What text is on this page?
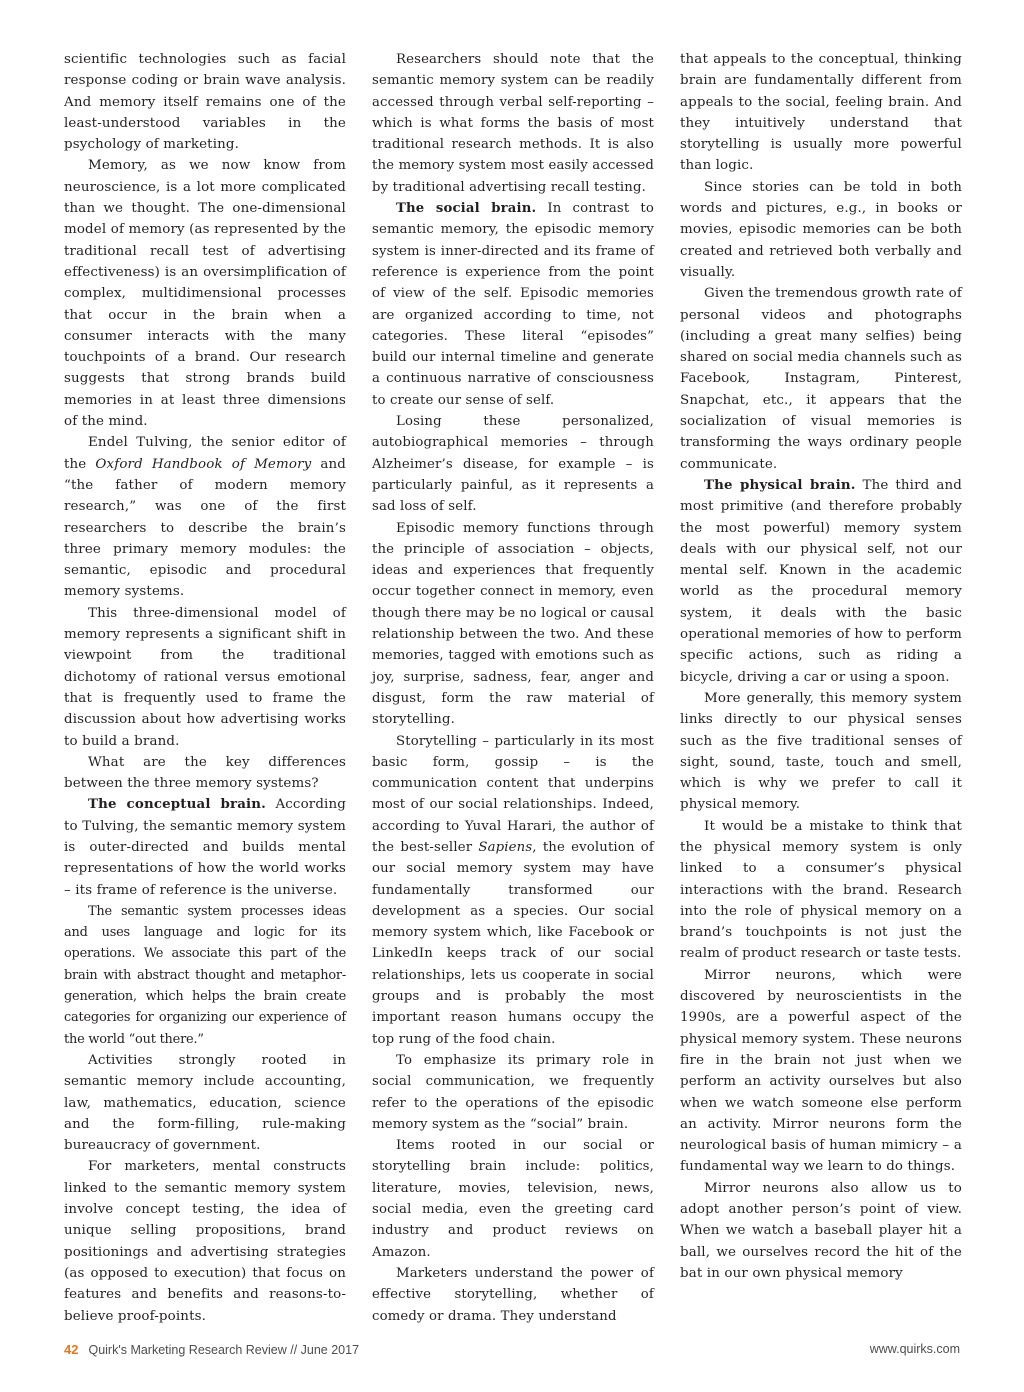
scientific technologies such as facial response coding or brain wave analysis. And memory itself remains one of the least-understood variables in the psychology of marketing.

Memory, as we now know from neuroscience, is a lot more complicated than we thought. The one-dimensional model of memory (as represented by the traditional recall test of advertising effectiveness) is an oversimplification of complex, multidimensional processes that occur in the brain when a consumer interacts with the many touchpoints of a brand. Our research suggests that strong brands build memories in at least three dimensions of the mind.

Endel Tulving, the senior editor of the Oxford Handbook of Memory and “the father of modern memory research,” was one of the first researchers to describe the brain’s three primary memory modules: the semantic, episodic and procedural memory systems.

This three-dimensional model of memory represents a significant shift in viewpoint from the traditional dichotomy of rational versus emotional that is frequently used to frame the discussion about how advertising works to build a brand.

What are the key differences between the three memory systems?

The conceptual brain. According to Tulving, the semantic memory system is outer-directed and builds mental representations of how the world works – its frame of reference is the universe.

The semantic system processes ideas and uses language and logic for its operations. We associate this part of the brain with abstract thought and metaphor-generation, which helps the brain create categories for organizing our experience of the world “out there.”

Activities strongly rooted in semantic memory include accounting, law, mathematics, education, science and the form-filling, rule-making bureaucracy of government.

For marketers, mental constructs linked to the semantic memory system involve concept testing, the idea of unique selling propositions, brand positionings and advertising strategies (as opposed to execution) that focus on features and benefits and reasons-to-believe proof-points.

Researchers should note that the semantic memory system can be readily accessed through verbal self-reporting – which is what forms the basis of most traditional research methods. It is also the memory system most easily accessed by traditional advertising recall testing.

The social brain. In contrast to semantic memory, the episodic memory system is inner-directed and its frame of reference is experience from the point of view of the self. Episodic memories are organized according to time, not categories. These literal “episodes” build our internal timeline and generate a continuous narrative of consciousness to create our sense of self.

Losing these personalized, autobiographical memories – through Alzheimer’s disease, for example – is particularly painful, as it represents a sad loss of self.

Episodic memory functions through the principle of association – objects, ideas and experiences that frequently occur together connect in memory, even though there may be no logical or causal relationship between the two. And these memories, tagged with emotions such as joy, surprise, sadness, fear, anger and disgust, form the raw material of storytelling.

Storytelling – particularly in its most basic form, gossip – is the communication content that underpins most of our social relationships. Indeed, according to Yuval Harari, the author of the best-seller Sapiens, the evolution of our social memory system may have fundamentally transformed our development as a species. Our social memory system which, like Facebook or LinkedIn keeps track of our social relationships, lets us cooperate in social groups and is probably the most important reason humans occupy the top rung of the food chain.

To emphasize its primary role in social communication, we frequently refer to the operations of the episodic memory system as the “social” brain.

Items rooted in our social or storytelling brain include: politics, literature, movies, television, news, social media, even the greeting card industry and product reviews on Amazon.

Marketers understand the power of effective storytelling, whether of comedy or drama. They understand

that appeals to the conceptual, thinking brain are fundamentally different from appeals to the social, feeling brain. And they intuitively understand that storytelling is usually more powerful than logic.

Since stories can be told in both words and pictures, e.g., in books or movies, episodic memories can be both created and retrieved both verbally and visually.

Given the tremendous growth rate of personal videos and photographs (including a great many selfies) being shared on social media channels such as Facebook, Instagram, Pinterest, Snapchat, etc., it appears that the socialization of visual memories is transforming the ways ordinary people communicate.

The physical brain. The third and most primitive (and therefore probably the most powerful) memory system deals with our physical self, not our mental self. Known in the academic world as the procedural memory system, it deals with the basic operational memories of how to perform specific actions, such as riding a bicycle, driving a car or using a spoon.

More generally, this memory system links directly to our physical senses such as the five traditional senses of sight, sound, taste, touch and smell, which is why we prefer to call it physical memory.

It would be a mistake to think that the physical memory system is only linked to a consumer’s physical interactions with the brand. Research into the role of physical memory on a brand’s touchpoints is not just the realm of product research or taste tests.

Mirror neurons, which were discovered by neuroscientists in the 1990s, are a powerful aspect of the physical memory system. These neurons fire in the brain not just when we perform an activity ourselves but also when we watch someone else perform an activity. Mirror neurons form the neurological basis of human mimicry – a fundamental way we learn to do things.

Mirror neurons also allow us to adopt another person’s point of view. When we watch a baseball player hit a ball, we ourselves record the hit of the bat in our own physical memory

42 Quirk's Marketing Research Review // June 2017	www.quirks.com
